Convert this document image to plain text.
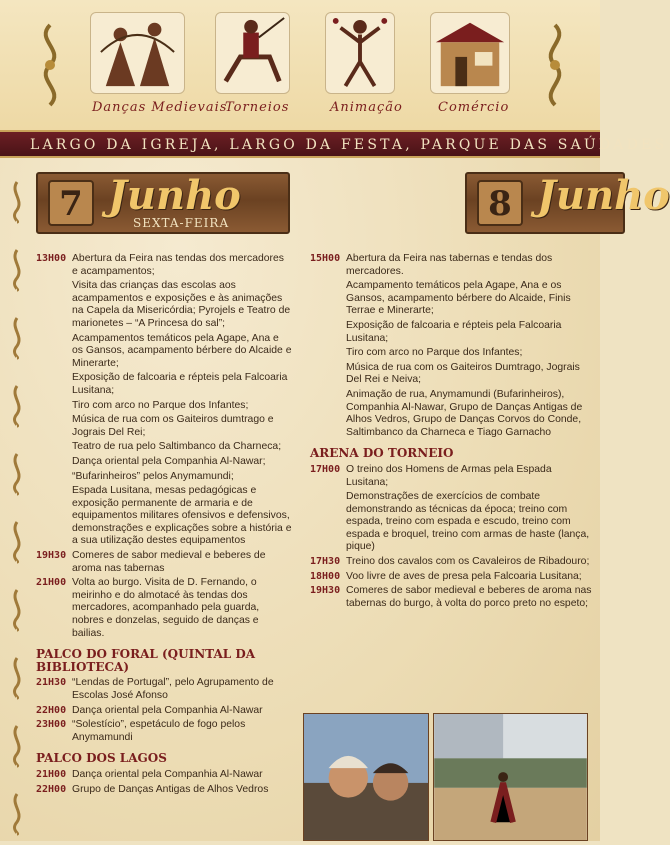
Danças Medievais
Torneios	Animação	Comércio
LARGO DA IGREJA, LARGO DA FESTA, PARQUE DAS SAÚDADES
7 Junho
SEXTA-FEIRA	8 Junho
13H00 Abertura da Feira nas tendas dos mercadores e acampamentos;
Visita das crianças das escolas aos acampamentos e exposições e às animações na Capela da Misericórdia; Pyrojels e Teatro de marionetes – “A Princesa do sal”;
Acampamentos temáticos pela Agape, Ana e os Gansos, acampamento bérbere do Alcaide e Minerarte;
Exposição de falcoaria e répteis pela Falcoaria Lusitana;
Tiro com arco no Parque dos Infantes;
Música de rua com os Gaiteiros dumtrago e Jograis Del Rei;
Teatro de rua pelo Saltimbanco da Charneca;
Dança oriental pela Companhia Al-Nawar;
“Bufarinheiros” pelos Anymamundi;
Espada Lusitana, mesas pedagógicas e exposição permanente de armaria e de equipamentos militares ofensivos e defensivos, demonstrações e explicações sobre a história e a sua utilização destes equipamentos
19H30 Comeres de sabor medieval e beberes de aroma nas tabernas
21H00 Volta ao burgo. Visita de D. Fernando, o meirinho e do almotacé às tendas dos mercadores, acompanhado pela guarda, nobres e donzelas, seguido de danças e bailias.
PALCO DO FORAL (QUINTAL DA BIBLIOTECA)
21H30 “Lendas de Portugal”, pelo Agrupamento de Escolas José Afonso
22H00 Dança oriental pela Companhia Al-Nawar
23H00 “Solestício”, espetáculo de fogo pelos Anymamundi
PALCO DOS LAGOS
21H00 Dança oriental pela Companhia Al-Nawar
22H00 Grupo de Danças Antigas de Alhos Vedros
15H00 Abertura da Feira nas tabernas e tendas dos mercadores.
Acampamento temáticos pela Agape, Ana e os Gansos, acampamento bérbere do Alcaide, Finis Terrae e Minerarte;
Exposição de falcoaria e répteis pela Falcoaria Lusitana;
Tiro com arco no Parque dos Infantes;
Música de rua com os Gaiteiros Dumtrago, Jograis Del Rei e Neiva;
Animação de rua, Anymamundi (Bufarinheiros), Companhia Al-Nawar, Grupo de Danças Antigas de Alhos Vedros, Grupo de Danças Corvos do Conde, Saltimbanco da Charneca e Tiago Garnacho
ARENA DO TORNEIO
17H00 O treino dos Homens de Armas pela Espada Lusitana;
Demonstrações de exercícios de combate demonstrando as técnicas da época; treino com espada, treino com espada e escudo, treino com espada e broquel, treino com armas de haste (lança, pique)
17H30 Treino dos cavalos com os Cavaleiros de Ribadouro;
18H00 Voo livre de aves de presa pela Falcoaria Lusitana;
19H30 Comeres de sabor medieval e beberes de aroma nas tabernas do burgo, à volta do porco preto no espeto;
